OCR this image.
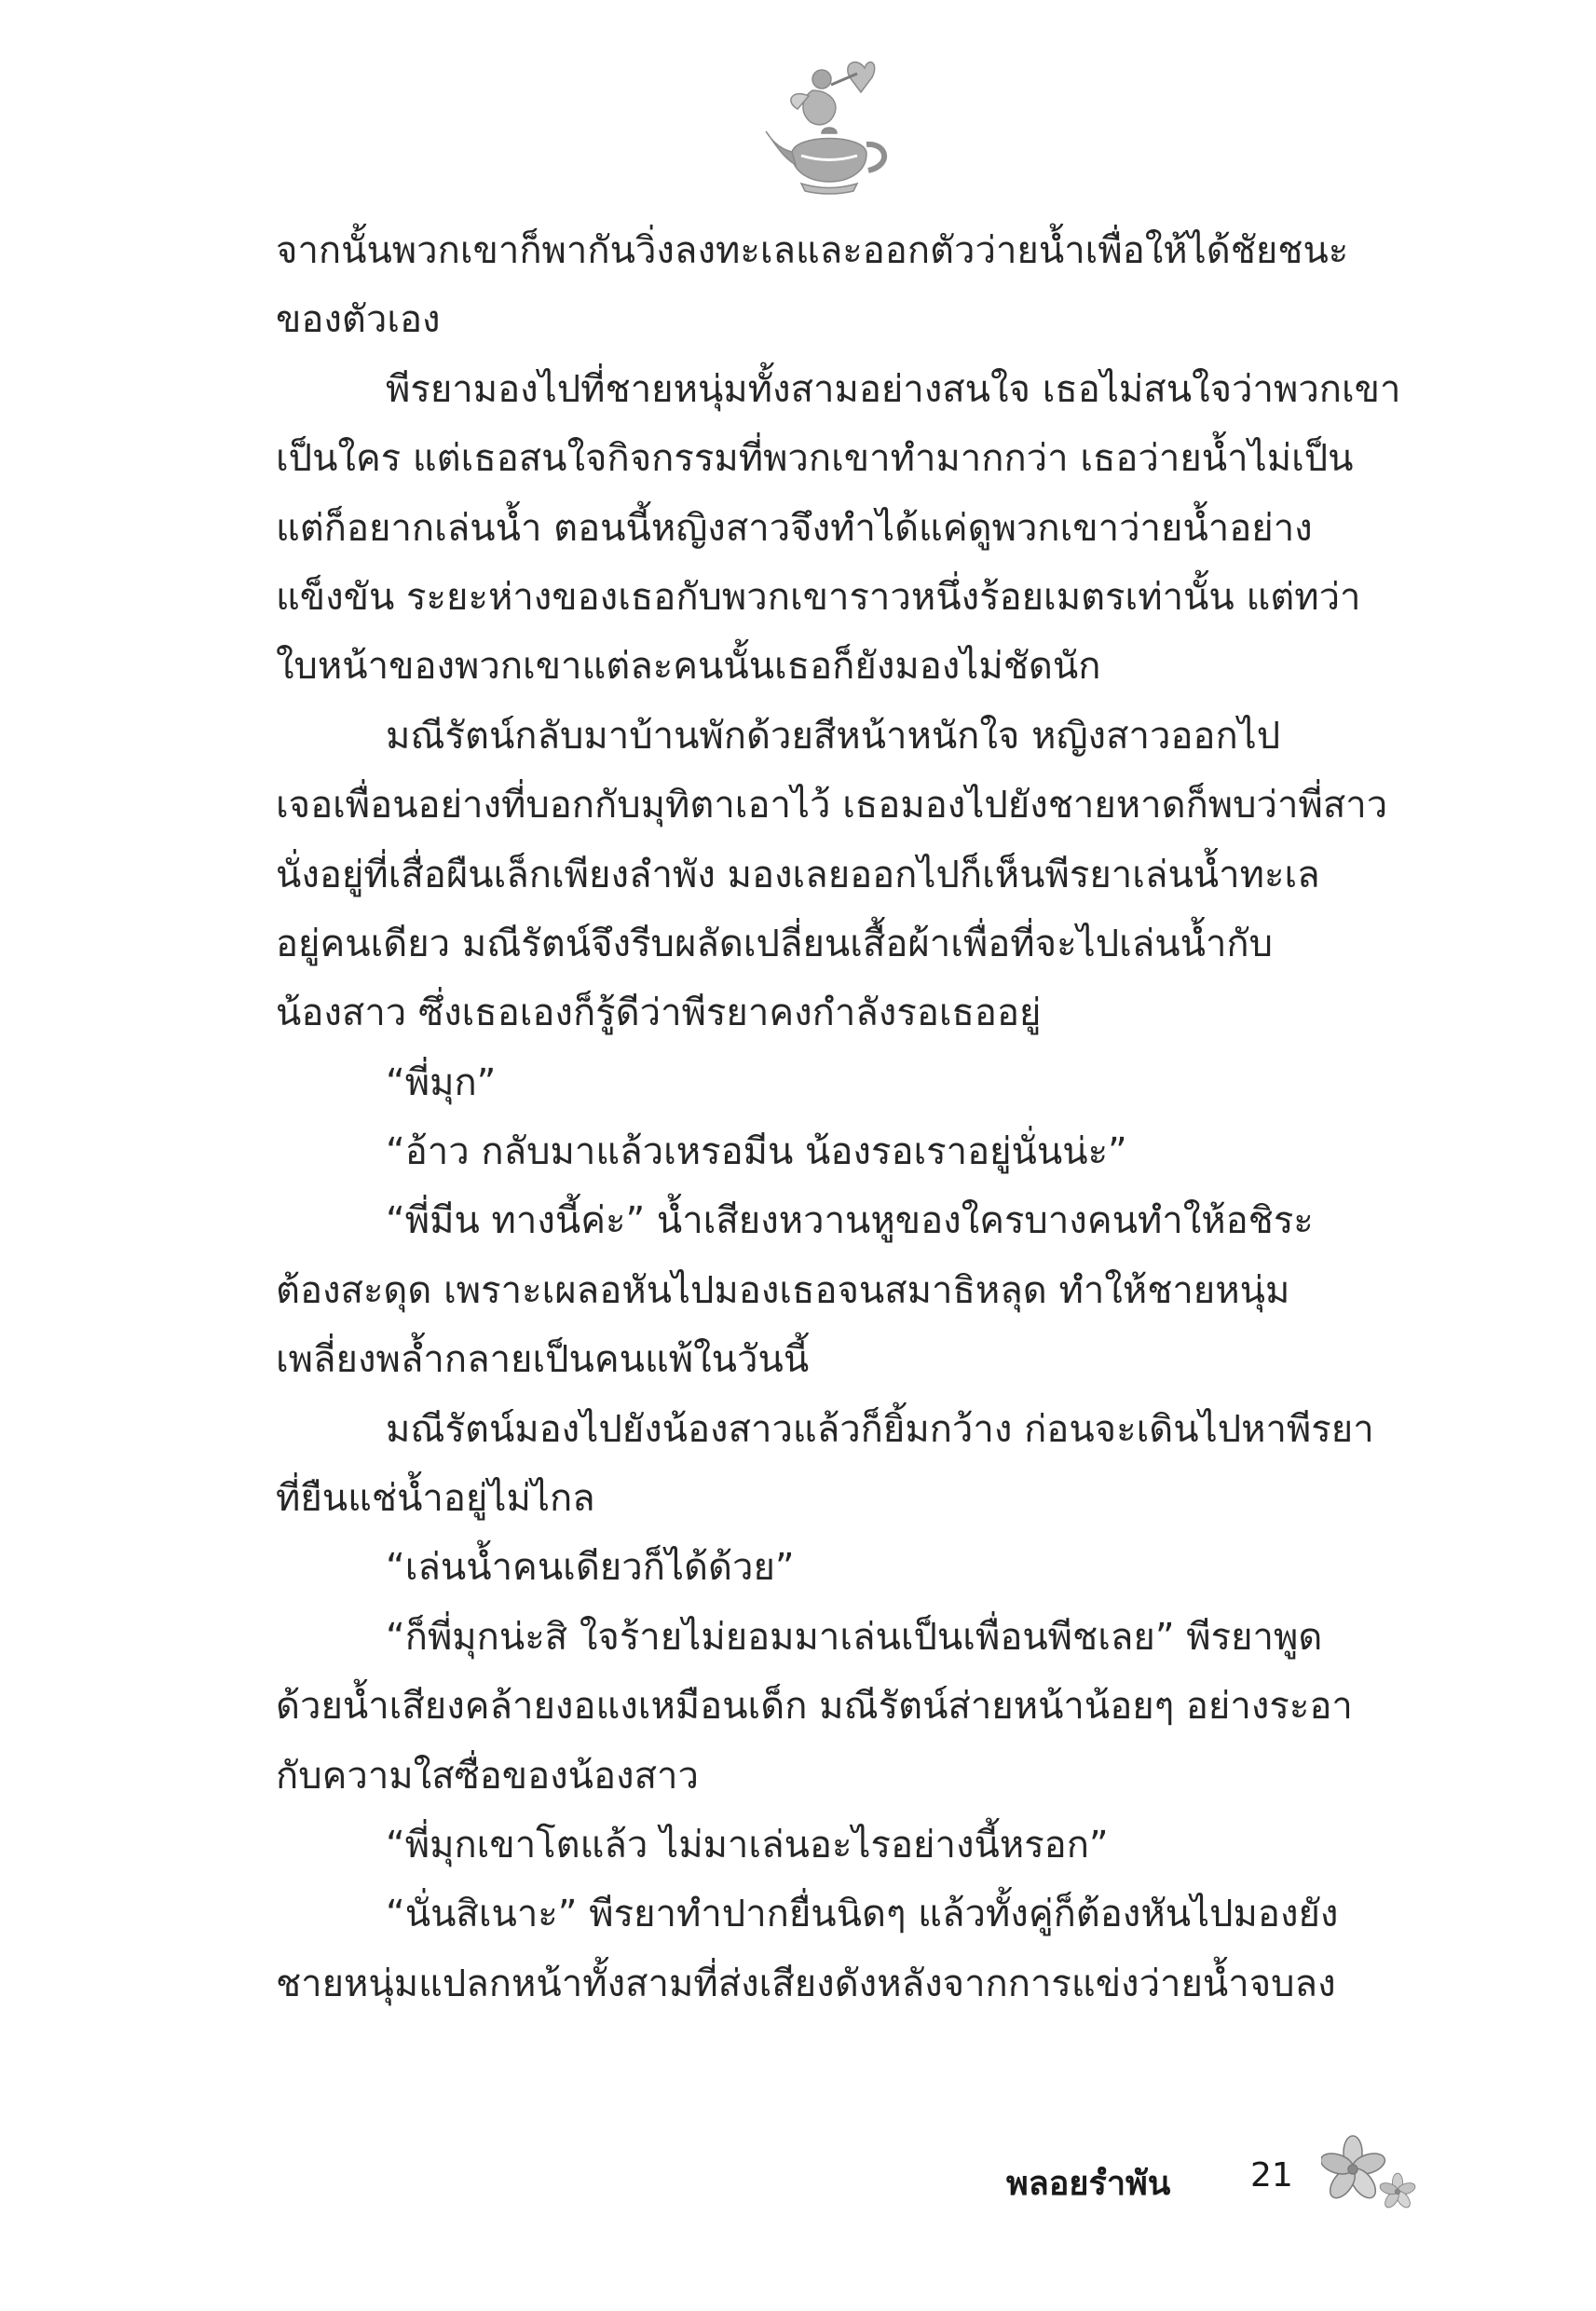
จากนั้นพวกเขาก็พากันวิ่งลงทะเลและออกตัวว่ายน้ำเพื่อให้ได้ชัยชนะ
ของตัวเอง
พีรยามองไปที่ชายหนุ่มทั้งสามอย่างสนใจ เธอไม่สนใจว่าพวกเขา
เป็นใคร แต่เธอสนใจกิจกรรมที่พวกเขาทำมากกว่า เธอว่ายน้ำไม่เป็น
แต่ก็อยากเล่นน้ำ ตอนนี้หญิงสาวจึงทำได้แค่ดูพวกเขาว่ายน้ำอย่าง
แข็งขัน ระยะห่างของเธอกับพวกเขาราวหนึ่งร้อยเมตรเท่านั้น แต่ทว่า
ใบหน้าของพวกเขาแต่ละคนนั้นเธอก็ยังมองไม่ชัดนัก
มณีรัตน์กลับมาบ้านพักด้วยสีหน้าหนักใจ หญิงสาวออกไป
เจอเพื่อนอย่างที่บอกกับมุทิตาเอาไว้ เธอมองไปยังชายหาดก็พบว่าพี่สาว
นั่งอยู่ที่เสื่อผืนเล็กเพียงลำพัง มองเลยออกไปก็เห็นพีรยาเล่นน้ำทะเล
อยู่คนเดียว มณีรัตน์จึงรีบผลัดเปลี่ยนเสื้อผ้าเพื่อที่จะไปเล่นน้ำกับ
น้องสาว ซึ่งเธอเองก็รู้ดีว่าพีรยาคงกำลังรอเธออยู่
“พี่มุก”
“อ้าว กลับมาแล้วเหรอมีน น้องรอเราอยู่นั่นน่ะ”
“พี่มีน ทางนี้ค่ะ” น้ำเสียงหวานหูของใครบางคนทำให้อชิระ
ต้องสะดุด เพราะเผลอหันไปมองเธอจนสมาธิหลุด ทำให้ชายหนุ่ม
เพลี่ยงพล้ำกลายเป็นคนแพ้ในวันนี้
มณีรัตน์มองไปยังน้องสาวแล้วก็ยิ้มกว้าง ก่อนจะเดินไปหาพีรยา
ที่ยืนแช่น้ำอยู่ไม่ไกล
“เล่นน้ำคนเดียวก็ได้ด้วย”
“ก็พี่มุกน่ะสิ ใจร้ายไม่ยอมมาเล่นเป็นเพื่อนพีชเลย” พีรยาพูด
ด้วยน้ำเสียงคล้ายงอแงเหมือนเด็ก มณีรัตน์ส่ายหน้าน้อยๆ อย่างระอา
กับความใสซื่อของน้องสาว
“พี่มุกเขาโตแล้ว ไม่มาเล่นอะไรอย่างนี้หรอก”
“นั่นสิเนาะ” พีรยาทำปากยื่นนิดๆ แล้วทั้งคู่ก็ต้องหันไปมองยัง
ชายหนุ่มแปลกหน้าทั้งสามที่ส่งเสียงดังหลังจากการแข่งว่ายน้ำจบลง
พลอยรำพัน 21
